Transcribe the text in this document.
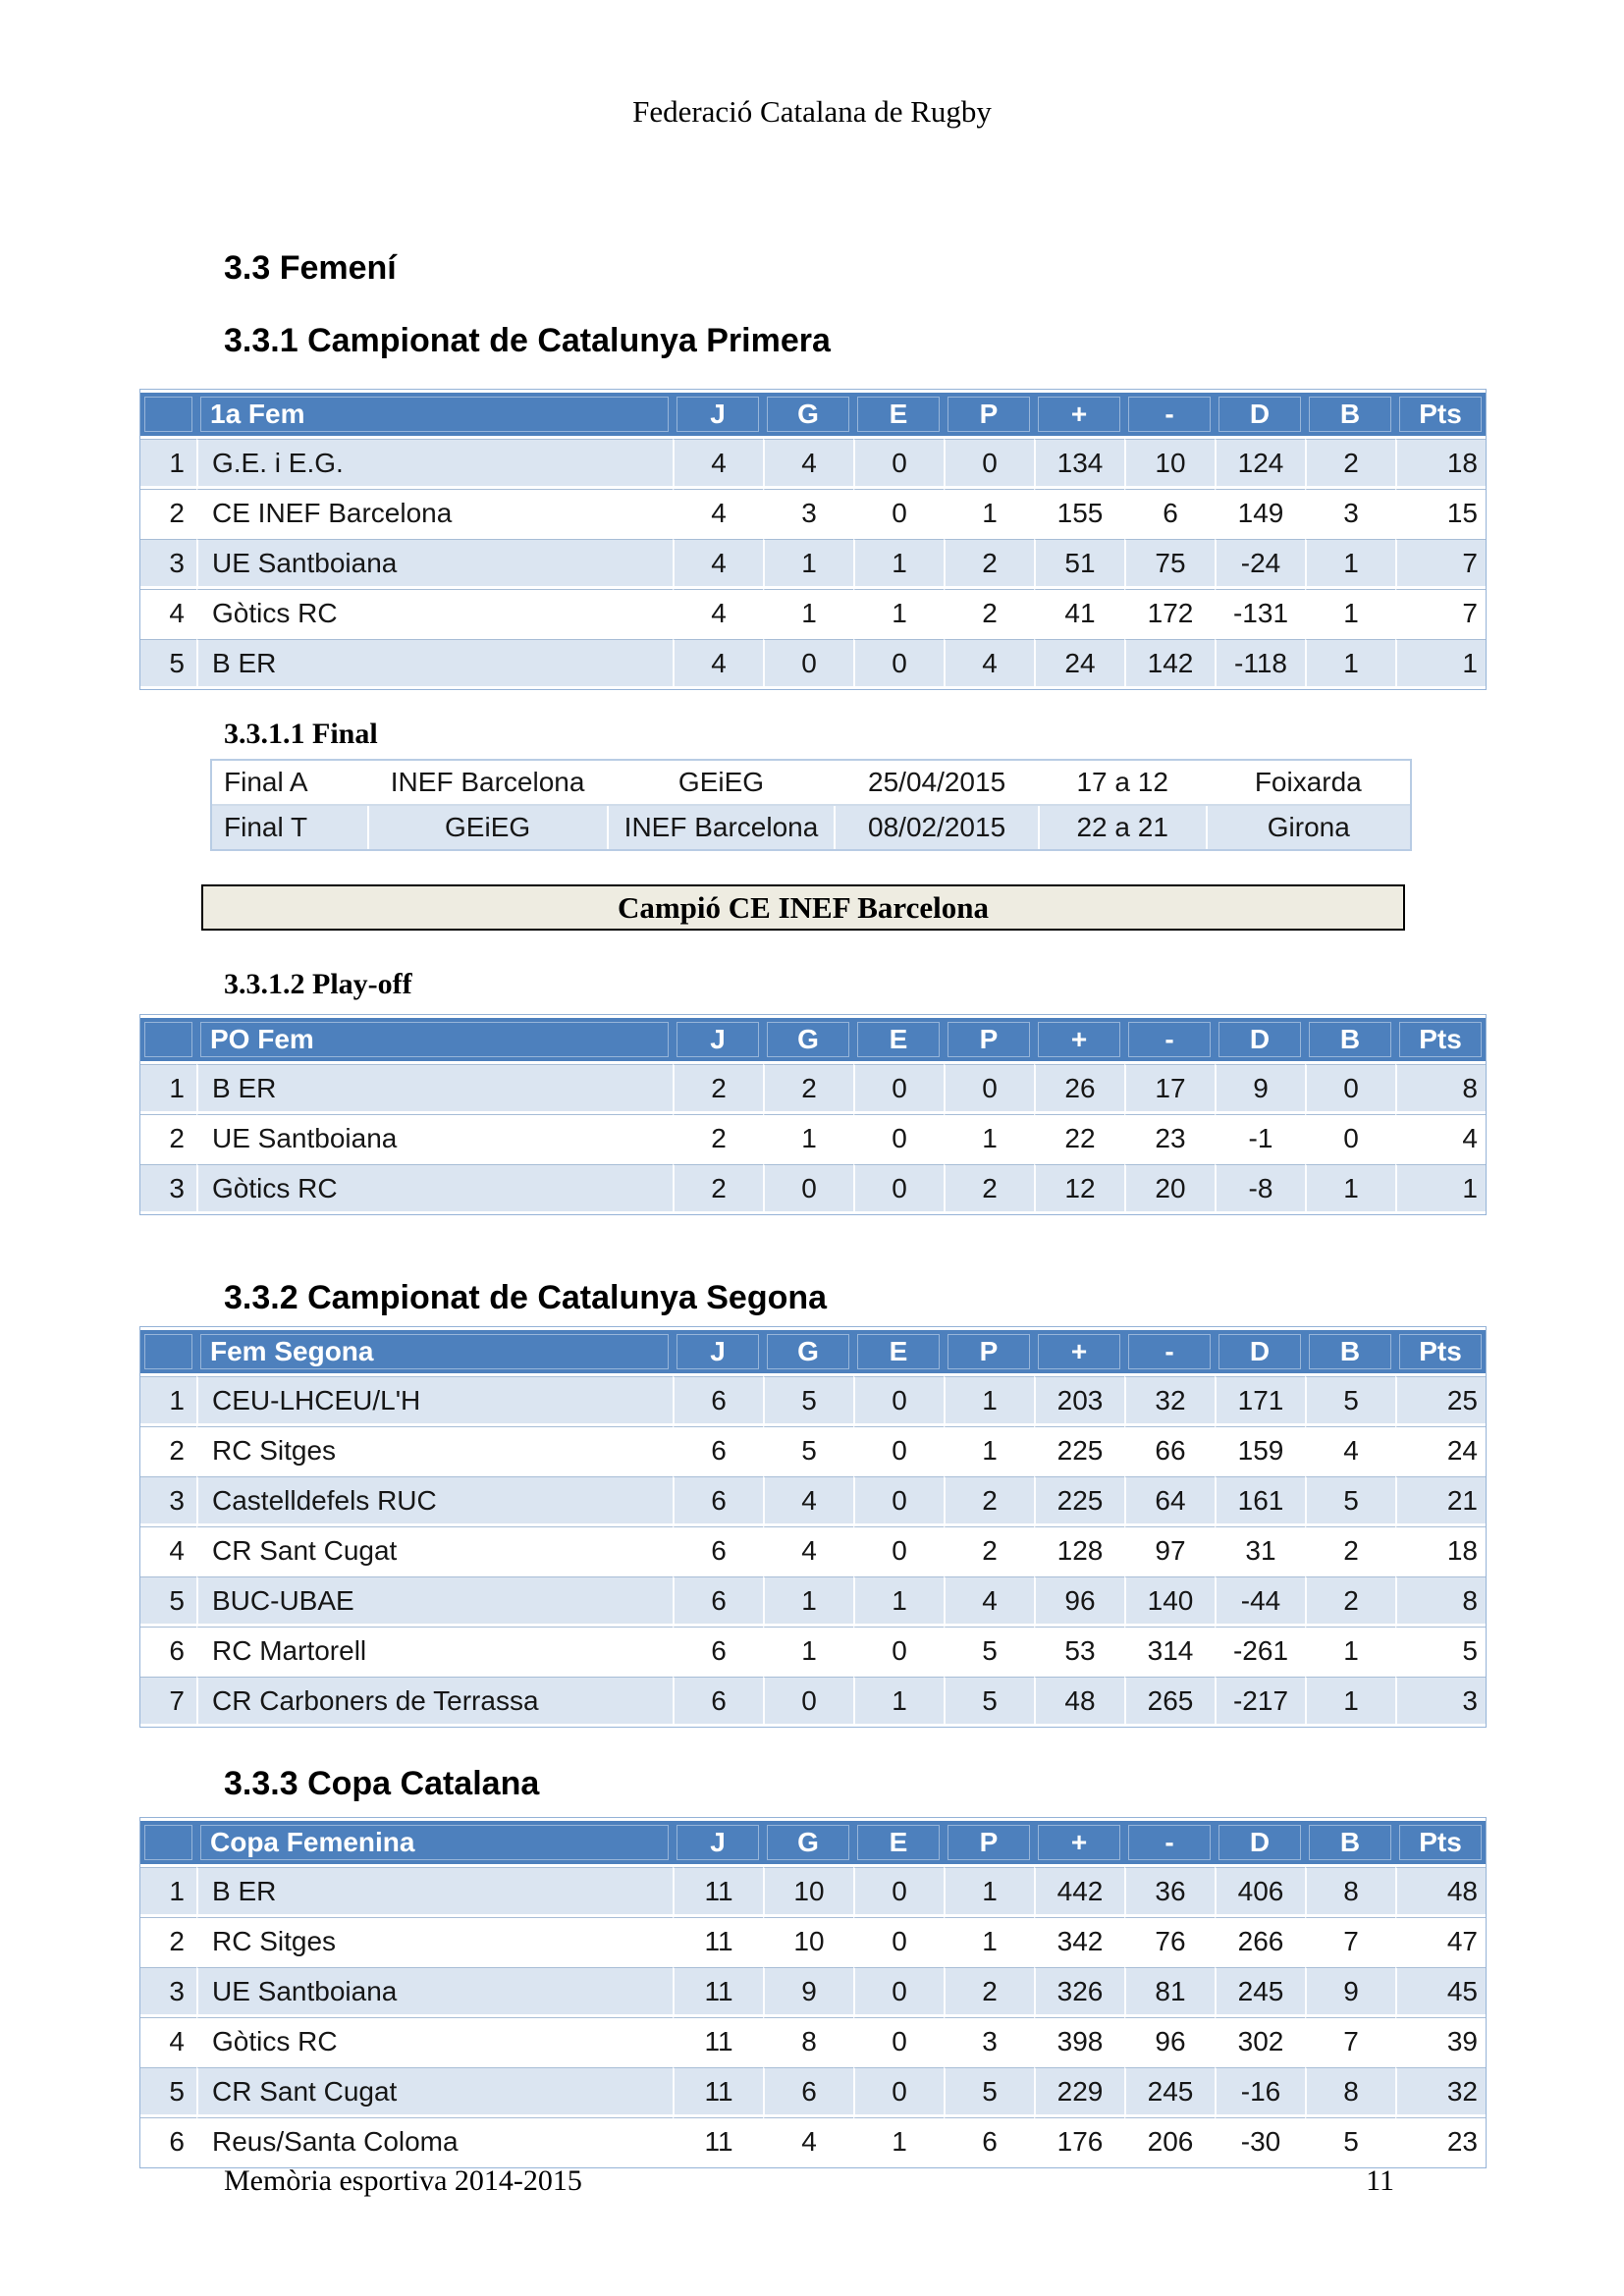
Federació Catalana de Rugby
3.3 Femení
3.3.1 Campionat de Catalunya Primera
	1a Fem	J	G	E	P	+	-	D	B	Pts
1	G.E. i E.G.	4	4	0	0	134	10	124	2	18
2	CE INEF Barcelona	4	3	0	1	155	6	149	3	15
3	UE Santboiana	4	1	1	2	51	75	-24	1	7
4	Gòtics RC	4	1	1	2	41	172	-131	1	7
5	B ER	4	0	0	4	24	142	-118	1	1
3.3.1.1 Final
Final A	INEF Barcelona	GEiEG	25/04/2015	17 a 12	Foixarda
Final T	GEiEG	INEF Barcelona	08/02/2015	22 a 21	Girona
Campió CE INEF Barcelona
3.3.1.2 Play-off
	PO Fem	J	G	E	P	+	-	D	B	Pts
1	B ER	2	2	0	0	26	17	9	0	8
2	UE Santboiana	2	1	0	1	22	23	-1	0	4
3	Gòtics RC	2	0	0	2	12	20	-8	1	1
3.3.2 Campionat de Catalunya Segona
	Fem Segona	J	G	E	P	+	-	D	B	Pts
1	CEU-LHCEU/L'H	6	5	0	1	203	32	171	5	25
2	RC Sitges	6	5	0	1	225	66	159	4	24
3	Castelldefels RUC	6	4	0	2	225	64	161	5	21
4	CR Sant Cugat	6	4	0	2	128	97	31	2	18
5	BUC-UBAE	6	1	1	4	96	140	-44	2	8
6	RC Martorell	6	1	0	5	53	314	-261	1	5
7	CR Carboners de Terrassa	6	0	1	5	48	265	-217	1	3
3.3.3 Copa Catalana
	Copa Femenina	J	G	E	P	+	-	D	B	Pts
1	B ER	11	10	0	1	442	36	406	8	48
2	RC Sitges	11	10	0	1	342	76	266	7	47
3	UE Santboiana	11	9	0	2	326	81	245	9	45
4	Gòtics RC	11	8	0	3	398	96	302	7	39
5	CR Sant Cugat	11	6	0	5	229	245	-16	8	32
6	Reus/Santa Coloma	11	4	1	6	176	206	-30	5	23
Memòria esportiva 2014-2015	11
